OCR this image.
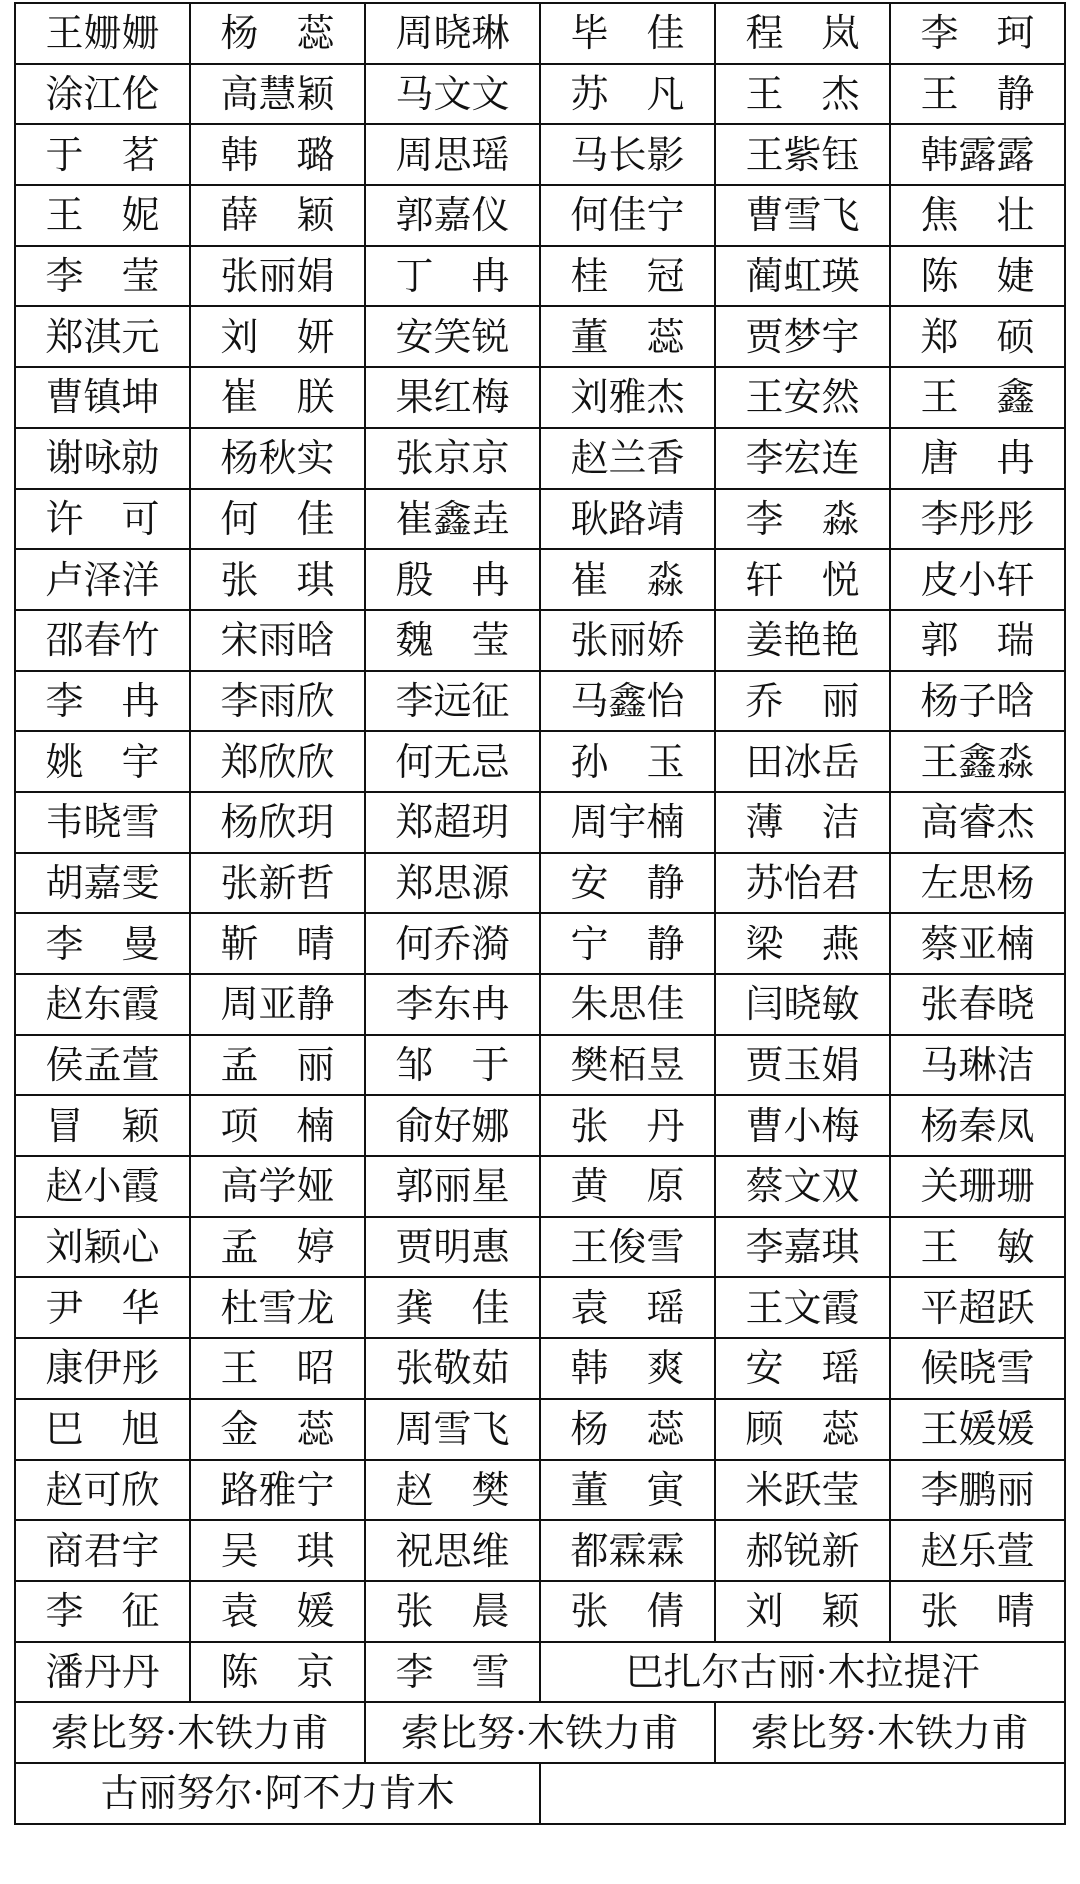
王姗姗	杨　蕊	周晓琳	毕　佳	程　岚	李　珂
涂江伦	高慧颖	马文文	苏　凡	王　杰	王　静
于　茗	韩　璐	周思瑶	马长影	王紫钰	韩露露
王　妮	薛　颖	郭嘉仪	何佳宁	曹雪飞	焦　壮
李　莹	张丽娟	丁　冉	桂　冠	蔺虹瑛	陈　婕
郑淇元	刘　妍	安笑锐	董　蕊	贾梦宇	郑　硕
曹镇坤	崔　朕	果红梅	刘雅杰	王安然	王　鑫
谢咏勍	杨秋实	张京京	赵兰香	李宏连	唐　冉
许　可	何　佳	崔鑫垚	耿路靖	李　淼	李彤彤
卢泽洋	张　琪	殷　冉	崔　淼	轩　悦	皮小轩
邵春竹	宋雨晗	魏　莹	张丽娇	姜艳艳	郭　瑞
李　冉	李雨欣	李远征	马鑫怡	乔　丽	杨子晗
姚　宇	郑欣欣	何无忌	孙　玉	田冰岳	王鑫淼
韦晓雪	杨欣玥	郑超玥	周宇楠	薄　洁	高睿杰
胡嘉雯	张新哲	郑思源	安　静	苏怡君	左思杨
李　曼	靳　晴	何乔漪	宁　静	梁　燕	蔡亚楠
赵东霞	周亚静	李东冉	朱思佳	闫晓敏	张春晓
侯孟萱	孟　丽	邹　于	樊栢昱	贾玉娟	马琳洁
冒　颖	项　楠	俞好娜	张　丹	曹小梅	杨秦凤
赵小霞	高学娅	郭丽星	黄　原	蔡文双	关珊珊
刘颖心	孟　婷	贾明惠	王俊雪	李嘉琪	王　敏
尹　华	杜雪龙	龚　佳	袁　瑶	王文霞	平超跃
康伊彤	王　昭	张敬茹	韩　爽	安　瑶	候晓雪
巴　旭	金　蕊	周雪飞	杨　蕊	顾　蕊	王媛媛
赵可欣	路雅宁	赵　樊	董　寅	米跃莹	李鹏丽
商君宇	吴　琪	祝思维	都霖霖	郝锐新	赵乐萱
李　征	袁　媛	张　晨	张　倩	刘　颖	张　晴
潘丹丹	陈　京	李　雪	巴扎尔古丽·木拉提汗		
索比努·木铁力甫		索比努·木铁力甫		索比努·木铁力甫	
古丽努尔·阿不力肯木					
